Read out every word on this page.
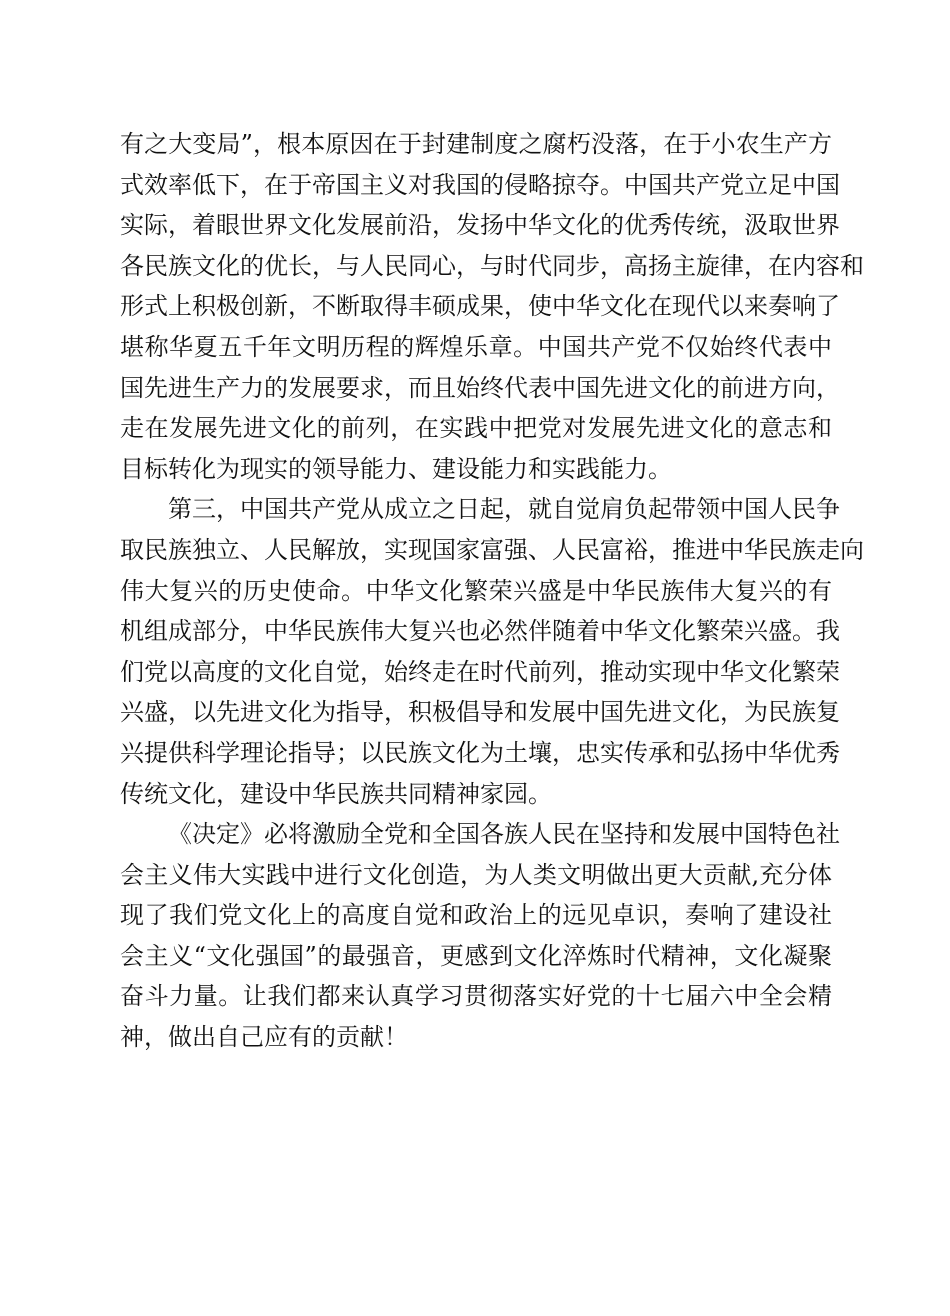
有之大变局”，根本原因在于封建制度之腐朽没落，在于小农生产方
式效率低下，在于帝国主义对我国的侵略掠夺。中国共产党立足中国
实际，着眼世界文化发展前沿，发扬中华文化的优秀传统，汲取世界
各民族文化的优长，与人民同心，与时代同步，高扬主旋律，在内容和
形式上积极创新，不断取得丰硕成果，使中华文化在现代以来奏响了
堪称华夏五千年文明历程的辉煌乐章。中国共产党不仅始终代表中
国先进生产力的发展要求，而且始终代表中国先进文化的前进方向，
走在发展先进文化的前列，在实践中把党对发展先进文化的意志和
目标转化为现实的领导能力、建设能力和实践能力。
第三，中国共产党从成立之日起，就自觉肩负起带领中国人民争
取民族独立、人民解放，实现国家富强、人民富裕，推进中华民族走向
伟大复兴的历史使命。中华文化繁荣兴盛是中华民族伟大复兴的有
机组成部分，中华民族伟大复兴也必然伴随着中华文化繁荣兴盛。我
们党以高度的文化自觉，始终走在时代前列，推动实现中华文化繁荣
兴盛，以先进文化为指导，积极倡导和发展中国先进文化，为民族复
兴提供科学理论指导；以民族文化为土壤，忠实传承和弘扬中华优秀
传统文化，建设中华民族共同精神家园。
《决定》必将激励全党和全国各族人民在坚持和发展中国特色社
会主义伟大实践中进行文化创造，为人类文明做出更大贡献,充分体
现了我们党文化上的高度自觉和政治上的远见卓识，奏响了建设社
会主义“文化强国”的最强音，更感到文化淬炼时代精神，文化凝聚
奋斗力量。让我们都来认真学习贯彻落实好党的十七届六中全会精
神，做出自己应有的贡献！
